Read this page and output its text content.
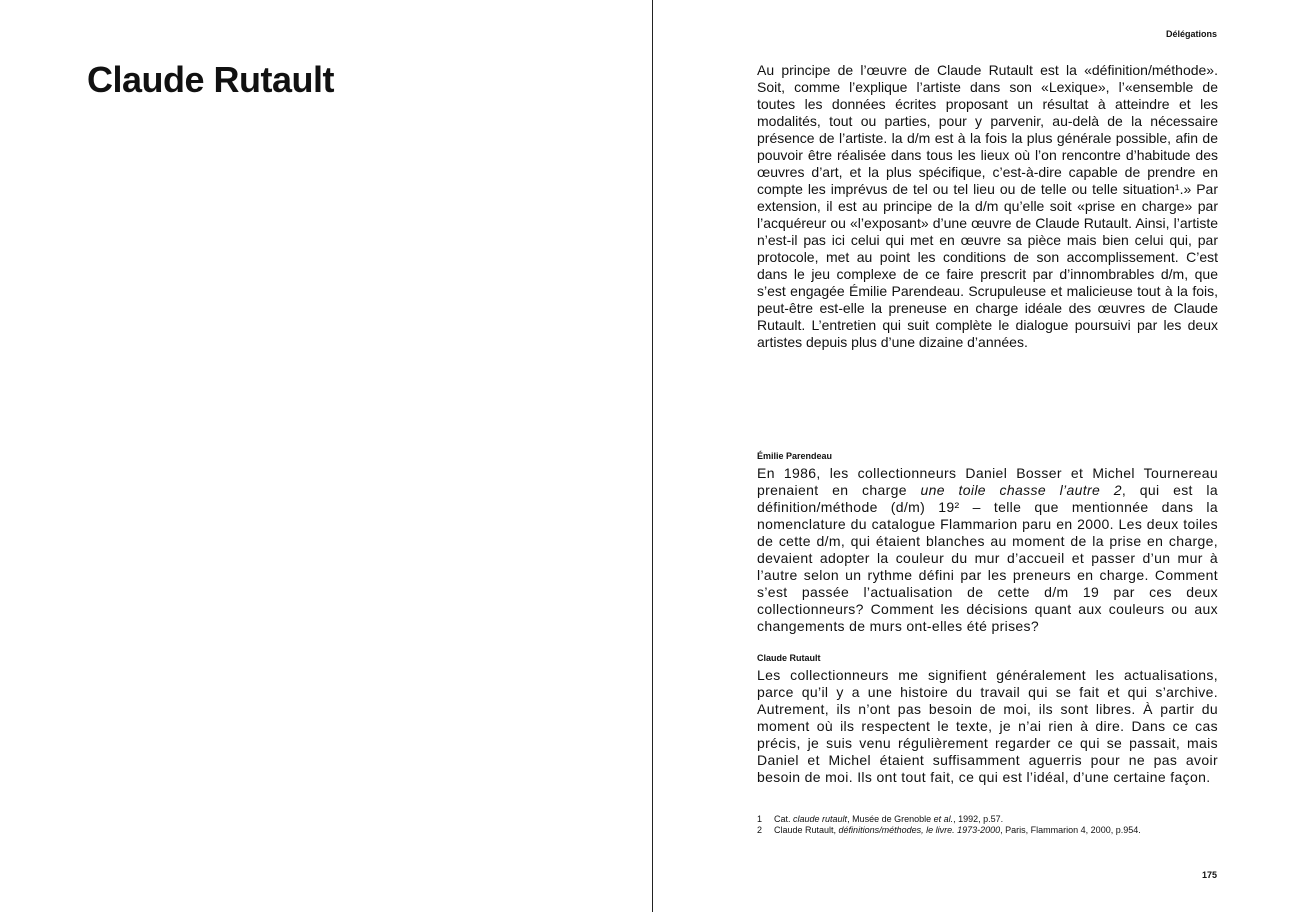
Claude Rutault
Délégations

Au principe de l’œuvre de Claude Rutault est la «définition/méthode». Soit, comme l’explique l’artiste dans son «Lexique», l’«ensemble de toutes les données écrites proposant un résultat à atteindre et les modalités, tout ou parties, pour y parvenir, au-delà de la nécessaire présence de l’artiste. la d/m est à la fois la plus générale possible, afin de pouvoir être réalisée dans tous les lieux où l’on rencontre d’habitude des œuvres d’art, et la plus spécifique, c’est-à-dire capable de prendre en compte les imprévus de tel ou tel lieu ou de telle ou telle situation¹.» Par extension, il est au principe de la d/m qu’elle soit «prise en charge» par l’acquéreur ou «l’exposant» d’une œuvre de Claude Rutault. Ainsi, l’artiste n’est-il pas ici celui qui met en œuvre sa pièce mais bien celui qui, par protocole, met au point les conditions de son accomplissement. C’est dans le jeu complexe de ce faire prescrit par d’innombrables d/m, que s’est engagée Émilie Parendeau. Scrupuleuse et malicieuse tout à la fois, peut-être est-elle la preneuse en charge idéale des œuvres de Claude Rutault. L’entretien qui suit complète le dialogue poursuivi par les deux artistes depuis plus d’une dizaine d’années.

Émilie Parendeau

En 1986, les collectionneurs Daniel Bosser et Michel Tournereau prenaient en charge une toile chasse l’autre 2, qui est la définition/méthode (d/m) 19² – telle que mentionnée dans la nomenclature du catalogue Flammarion paru en 2000. Les deux toiles de cette d/m, qui étaient blanches au moment de la prise en charge, devaient adopter la couleur du mur d’accueil et passer d’un mur à l’autre selon un rythme défini par les preneurs en charge. Comment s’est passée l’actualisation de cette d/m 19 par ces deux collectionneurs? Comment les décisions quant aux couleurs ou aux changements de murs ont-elles été prises?

Claude Rutault

Les collectionneurs me signifient généralement les actualisations, parce qu’il y a une histoire du travail qui se fait et qui s’archive. Autrement, ils n’ont pas besoin de moi, ils sont libres. À partir du moment où ils respectent le texte, je n’ai rien à dire. Dans ce cas précis, je suis venu régulièrement regarder ce qui se passait, mais Daniel et Michel étaient suffisamment aguerris pour ne pas avoir besoin de moi. Ils ont tout fait, ce qui est l’idéal, d’une certaine façon.

1	Cat. claude rutault, Musée de Grenoble et al., 1992, p.57.
2	Claude Rutault, définitions/méthodes, le livre. 1973-2000, Paris, Flammarion 4, 2000, p.954.
175
